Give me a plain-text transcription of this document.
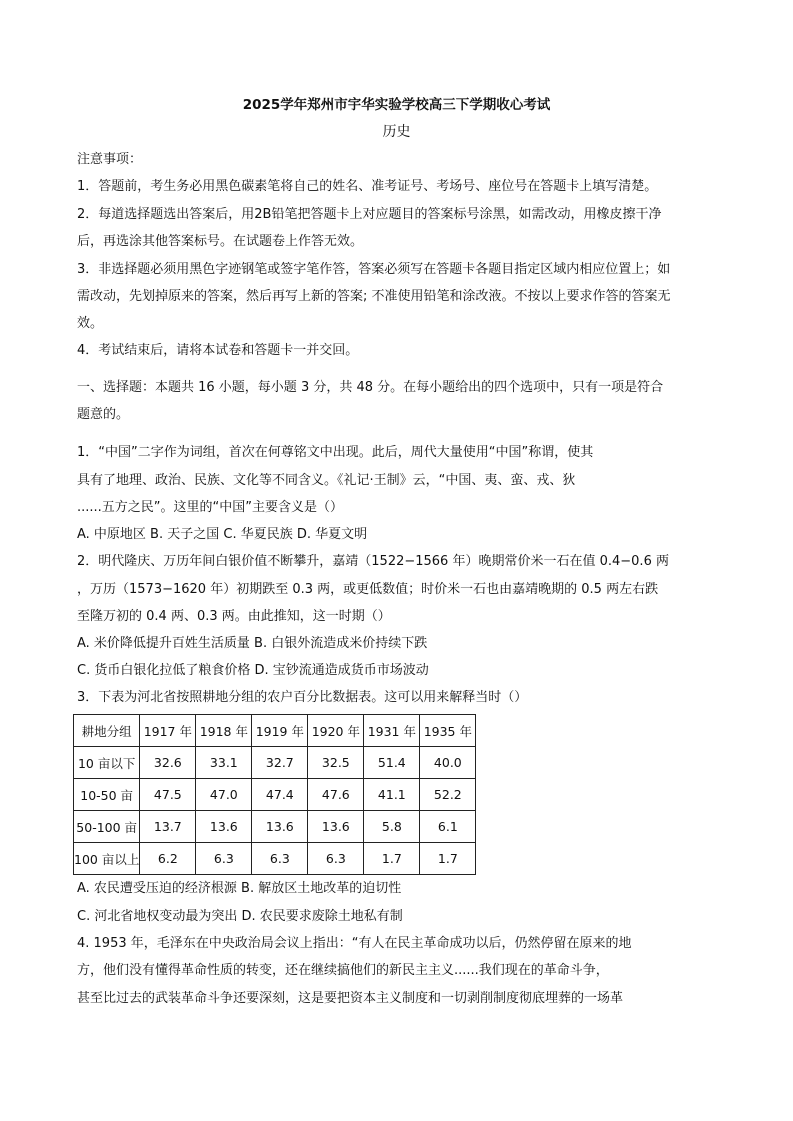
2025学年郑州市宇华实验学校高三下学期收心考试
历史
注意事项：
1．答题前，考生务必用黑色碳素笔将自己的姓名、准考证号、考场号、座位号在答题卡上填写清楚。
2．每道选择题选出答案后，用2B铅笔把答题卡上对应题目的答案标号涂黑，如需改动，用橡皮擦干净
后，再选涂其他答案标号。在试题卷上作答无效。
3．非选择题必须用黑色字迹钢笔或签字笔作答，答案必须写在答题卡各题目指定区域内相应位置上；如
需改动，先划掉原来的答案，然后再写上新的答案; 不准使用铅笔和涂改液。不按以上要求作答的答案无
效。
4．考试结束后，请将本试卷和答题卡一并交回。
一、选择题：本题共 16 小题，每小题 3 分，共 48 分。在每小题给出的四个选项中，只有一项是符合
题意的。
1．“中国”二字作为词组，首次在何尊铭文中出现。此后，周代大量使用“中国”称谓，使其
具有了地理、政治、民族、文化等不同含义。《礼记·王制》云，“中国、夷、蛮、戎、狄
......五方之民”。这里的“中国”主要含义是（）
A. 中原地区 B. 天子之国 C. 华夏民族 D. 华夏文明
2．明代隆庆、万历年间白银价值不断攀升，嘉靖（1522−1566 年）晚期常价米一石在值 0.4−0.6 两
，万历（1573−1620 年）初期跌至 0.3 两，或更低数值；时价米一石也由嘉靖晚期的 0.5 两左右跌
至隆万初的 0.4 两、0.3 两。由此推知，这一时期（）
A. 米价降低提升百姓生活质量 B. 白银外流造成米价持续下跌
C. 货币白银化拉低了粮食价格 D. 宝钞流通造成货币市场波动
3．下表为河北省按照耕地分组的农户百分比数据表。这可以用来解释当时（）
耕地分组	1917 年	1918 年	1919 年	1920 年	1931 年	1935 年
10 亩以下	32.6	33.1	32.7	32.5	51.4	40.0
10-50 亩	47.5	47.0	47.4	47.6	41.1	52.2
50-100 亩	13.7	13.6	13.6	13.6	5.8	6.1
100 亩以上	6.2	6.3	6.3	6.3	1.7	1.7
A. 农民遭受压迫的经济根源 B. 解放区土地改革的迫切性
C. 河北省地权变动最为突出 D. 农民要求废除土地私有制
4. 1953 年，毛泽东在中央政治局会议上指出：“有人在民主革命成功以后，仍然停留在原来的地
方，他们没有懂得革命性质的转变，还在继续搞他们的新民主主义......我们现在的革命斗争，
甚至比过去的武装革命斗争还要深刻，这是要把资本主义制度和一切剥削制度彻底埋葬的一场革
